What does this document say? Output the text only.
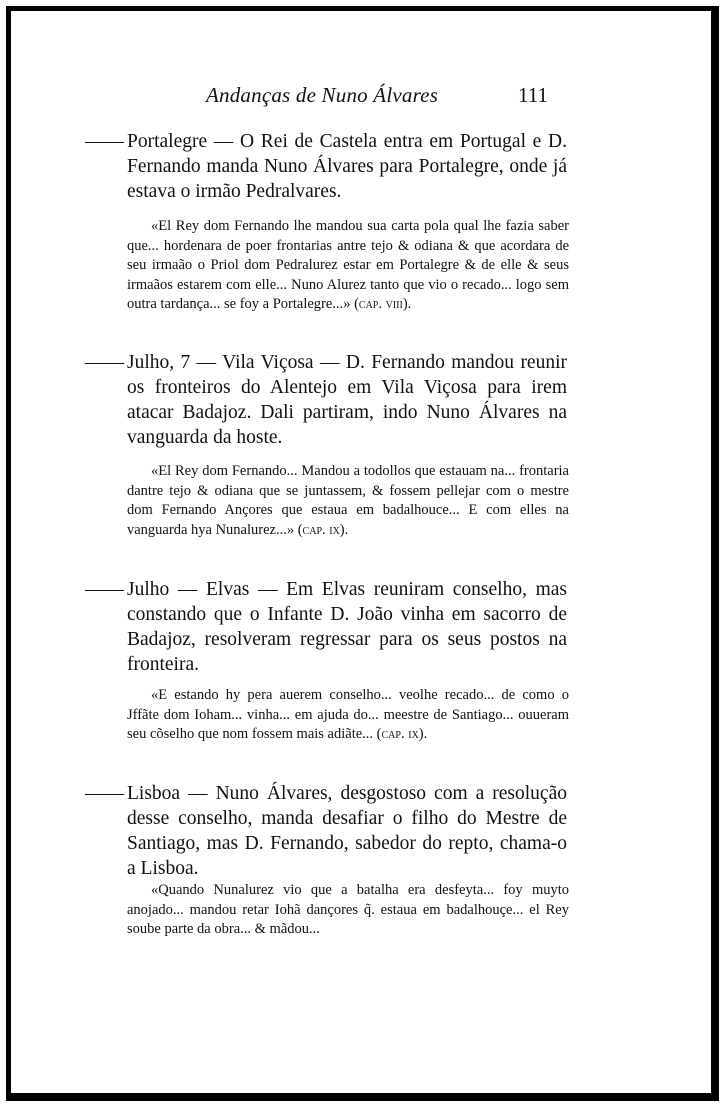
Andanças de Nuno Álvares	111
—— Portalegre — O Rei de Castela entra em Portugal e D. Fernando manda Nuno Álvares para Portalegre, onde já estava o irmão Pedralvares.
«El Rey dom Fernando lhe mandou sua carta pola qual lhe fazia saber que... hordenara de poer frontarias antre tejo & odiana & que acordara de seu irmaão o Priol dom Pedralurez estar em Portalegre & de elle & seus irmaãos estarem com elle... Nuno Alurez tanto que vio o recado... logo sem outra tardança... se foy a Portalegre...» (cap. viii).
—— Julho, 7 — Vila Viçosa — D. Fernando mandou reunir os fronteiros do Alentejo em Vila Viçosa para irem atacar Badajoz. Dali partiram, indo Nuno Álvares na vanguarda da hoste.
«El Rey dom Fernando... Mandou a todollos que estauam na... frontaria dantre tejo & odiana que se juntassem, & fossem pellejar com o mestre dom Fernando Ançores que estaua em badalhouce... E com elles na vanguarda hya Nunalurez...» (cap. ix).
—— Julho — Elvas — Em Elvas reuniram conselho, mas constando que o Infante D. João vinha em sacorro de Badajoz, resolveram regressar para os seus postos na fronteira.
«E estando hy pera auerem conselho... veolhe recado... de como o Jffãte dom Ioham... vinha... em ajuda do... meestre de Santiago... ouueram seu cõselho que nom fossem mais adiãte... (cap. ix).
—— Lisboa — Nuno Álvares, desgostoso com a resolução desse conselho, manda desafiar o filho do Mestre de Santiago, mas D. Fernando, sabedor do repto, chama-o a Lisboa.
«Quando Nunalurez vio que a batalha era desfeyta... foy muyto anojado... mandou retar Iohã dançores q̃. estaua em badalhouçe... el Rey soube parte da obra... & mãdou...
